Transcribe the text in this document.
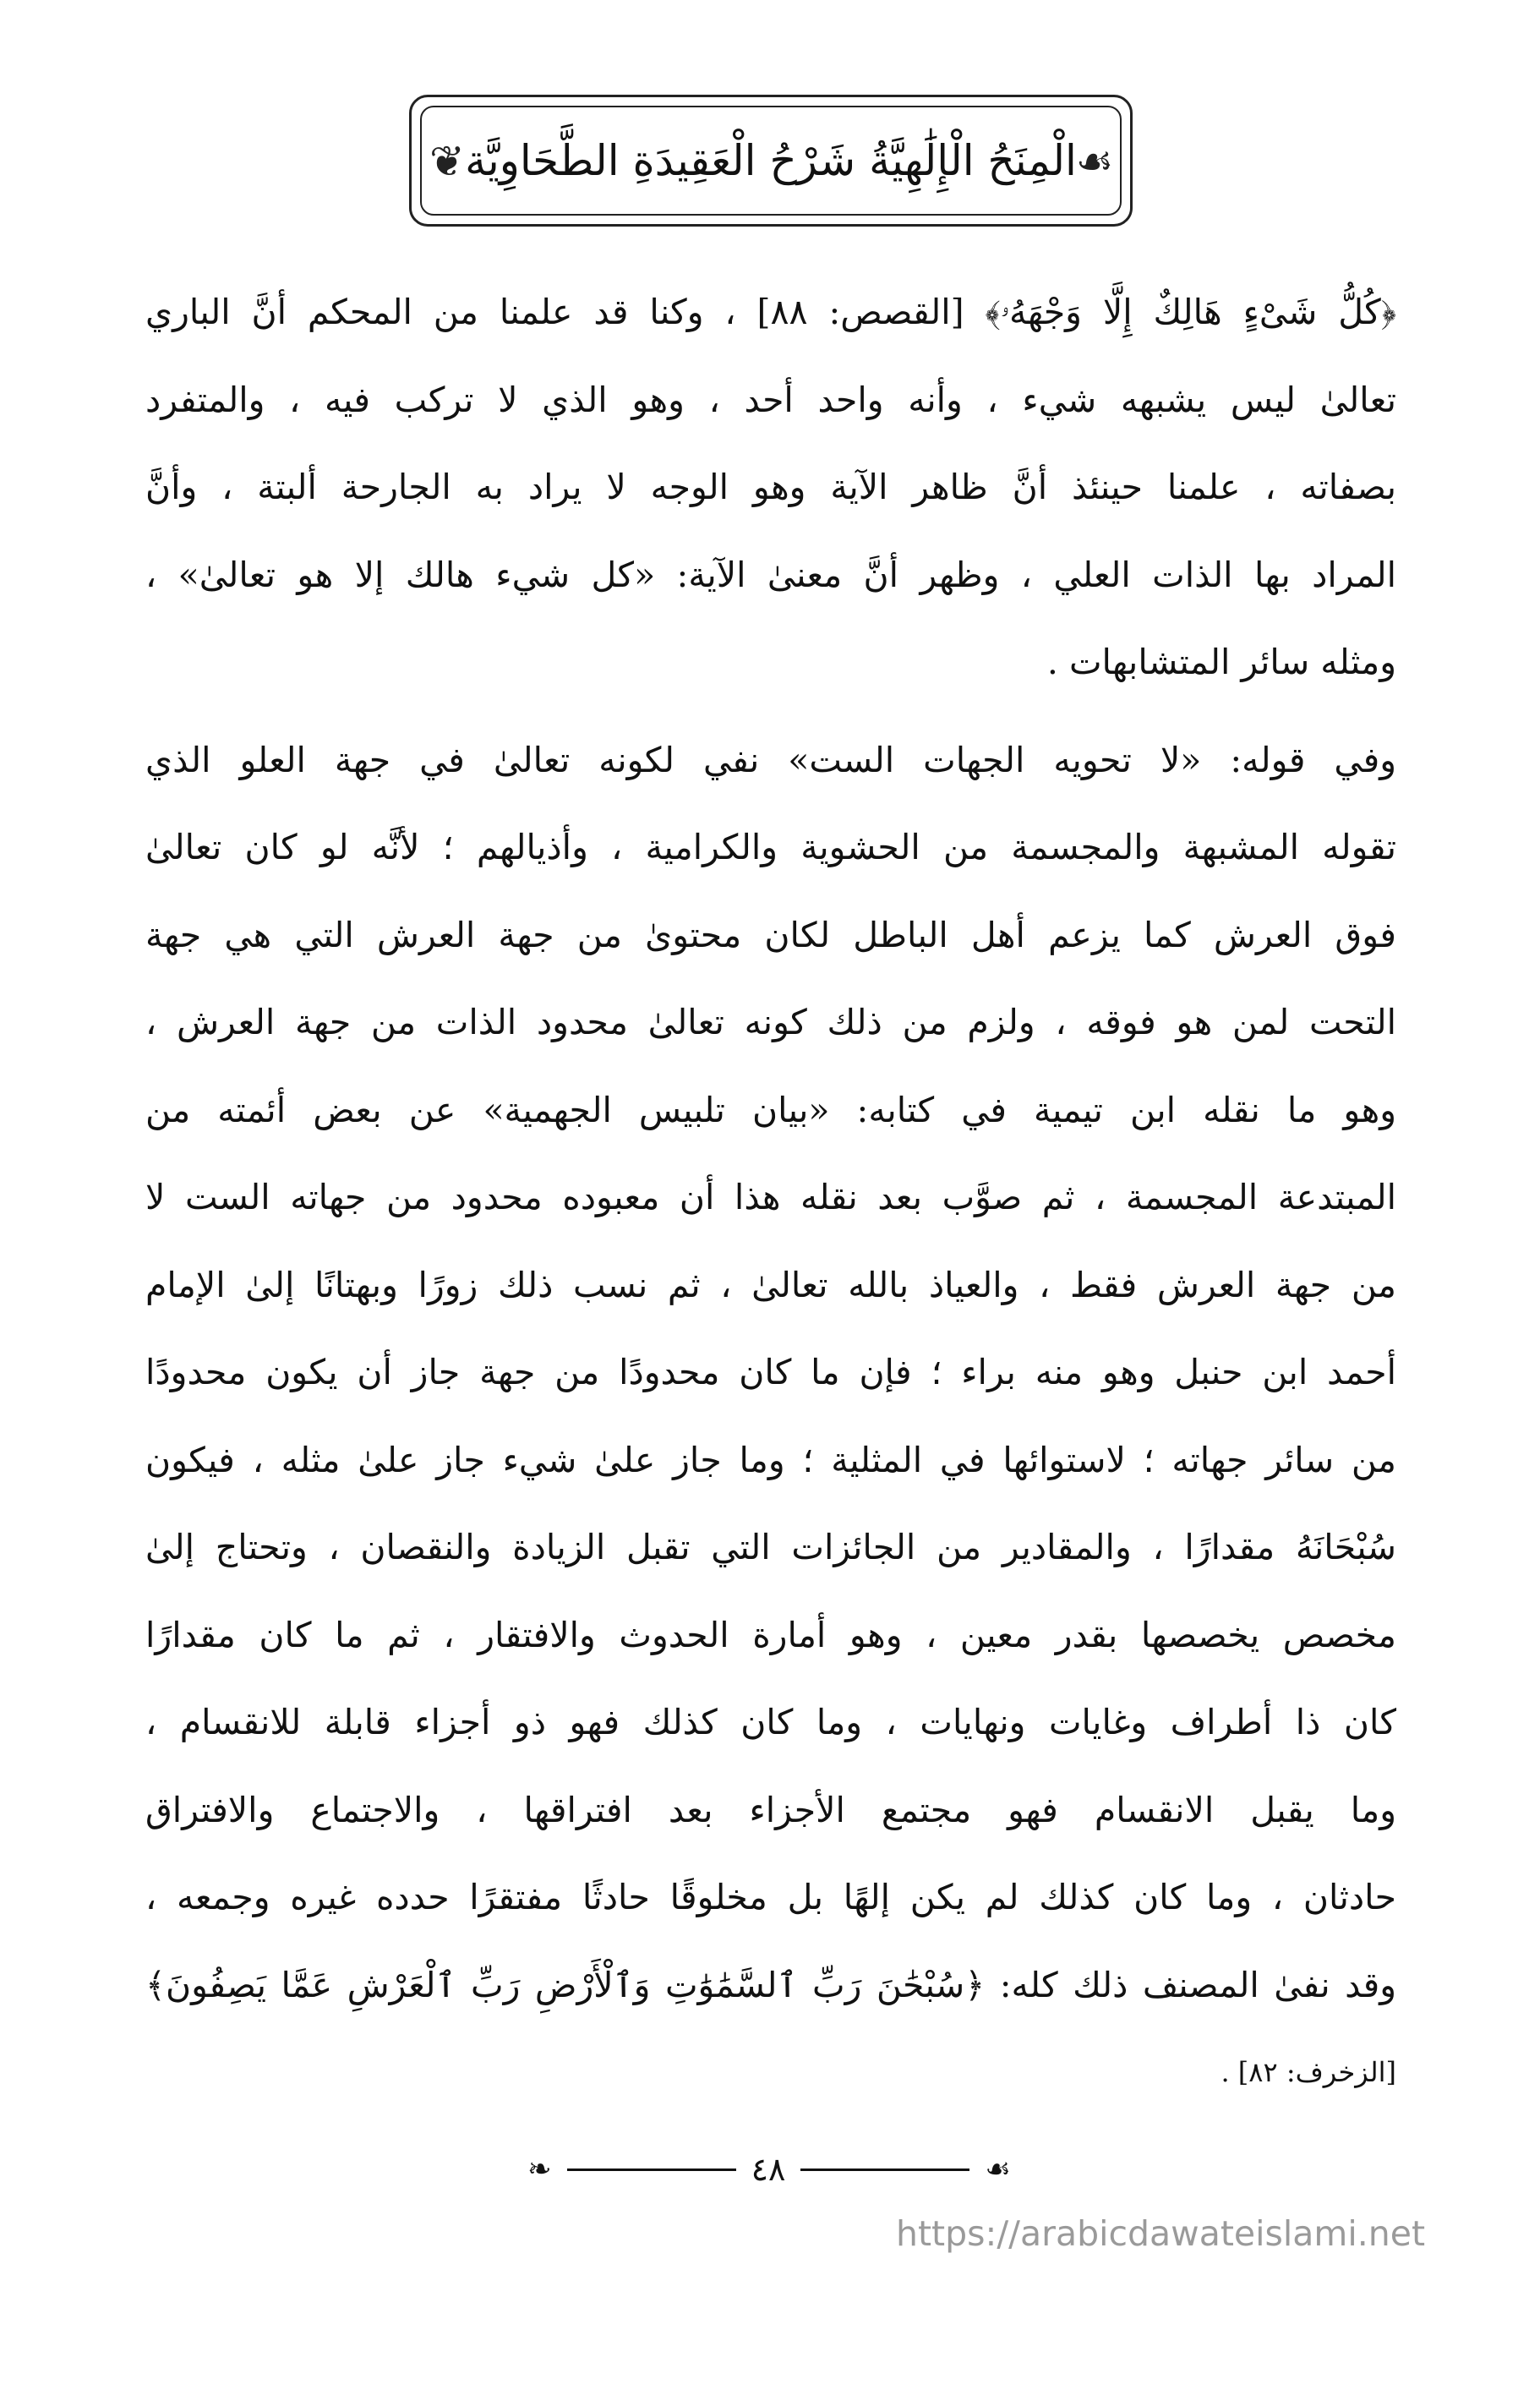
الْمِنَحُ الْإِلَٰهِيَّةُ شَرْحُ الْعَقِيدَةِ الطَّحَاوِيَّة
❦	☙
﴿كُلُّ شَىْءٍ هَالِكٌ إِلَّا وَجْهَهُۥ﴾ [القصص: ٨٨] ، وكنا قد علمنا من المحكم أنَّ الباري
تعالىٰ ليس يشبهه شيء ، وأنه واحد أحد ، وهو الذي لا تركب فيه ، والمتفرد
بصفاته ، علمنا حينئذ أنَّ ظاهر الآية وهو الوجه لا يراد به الجارحة ألبتة ، وأنَّ
المراد بها الذات العلي ، وظهر أنَّ معنىٰ الآية: «كل شيء هالك إلا هو تعالىٰ» ،
ومثله سائر المتشابهات .
وفي قوله: «لا تحويه الجهات الست» نفي لكونه تعالىٰ في جهة العلو الذي
تقوله المشبهة والمجسمة من الحشوية والكرامية ، وأذيالهم ؛ لأنَّه لو كان تعالىٰ
فوق العرش كما يزعم أهل الباطل لكان محتوىٰ من جهة العرش التي هي جهة
التحت لمن هو فوقه ، ولزم من ذلك كونه تعالىٰ محدود الذات من جهة العرش ،
وهو ما نقله ابن تيمية في كتابه: «بيان تلبيس الجهمية» عن بعض أئمته من
المبتدعة المجسمة ، ثم صوَّب بعد نقله هذا أن معبوده محدود من جهاته الست لا
من جهة العرش فقط ، والعياذ بالله تعالىٰ ، ثم نسب ذلك زورًا وبهتانًا إلىٰ الإمام
أحمد ابن حنبل وهو منه براء ؛ فإن ما كان محدودًا من جهة جاز أن يكون محدودًا
من سائر جهاته ؛ لاستوائها في المثلية ؛ وما جاز علىٰ شيء جاز علىٰ مثله ، فيكون
سُبْحَانَهُ مقدارًا ، والمقادير من الجائزات التي تقبل الزيادة والنقصان ، وتحتاج إلىٰ
مخصص يخصصها بقدر معين ، وهو أمارة الحدوث والافتقار ، ثم ما كان مقدارًا
كان ذا أطراف وغايات ونهايات ، وما كان كذلك فهو ذو أجزاء قابلة للانقسام ،
وما يقبل الانقسام فهو مجتمع الأجزاء بعد افتراقها ، والاجتماع والافتراق
حادثان ، وما كان كذلك لم يكن إلهًا بل مخلوقًا حادثًا مفتقرًا حدده غيره وجمعه ،
وقد نفىٰ المصنف ذلك كله: ﴿سُبْحَٰنَ رَبِّ ٱلسَّمَٰوَٰتِ وَٱلْأَرْضِ رَبِّ ٱلْعَرْشِ عَمَّا يَصِفُونَ﴾
[الزخرف: ٨٢] .
❧	٤٨	☙
https://arabicdawateislami.net
